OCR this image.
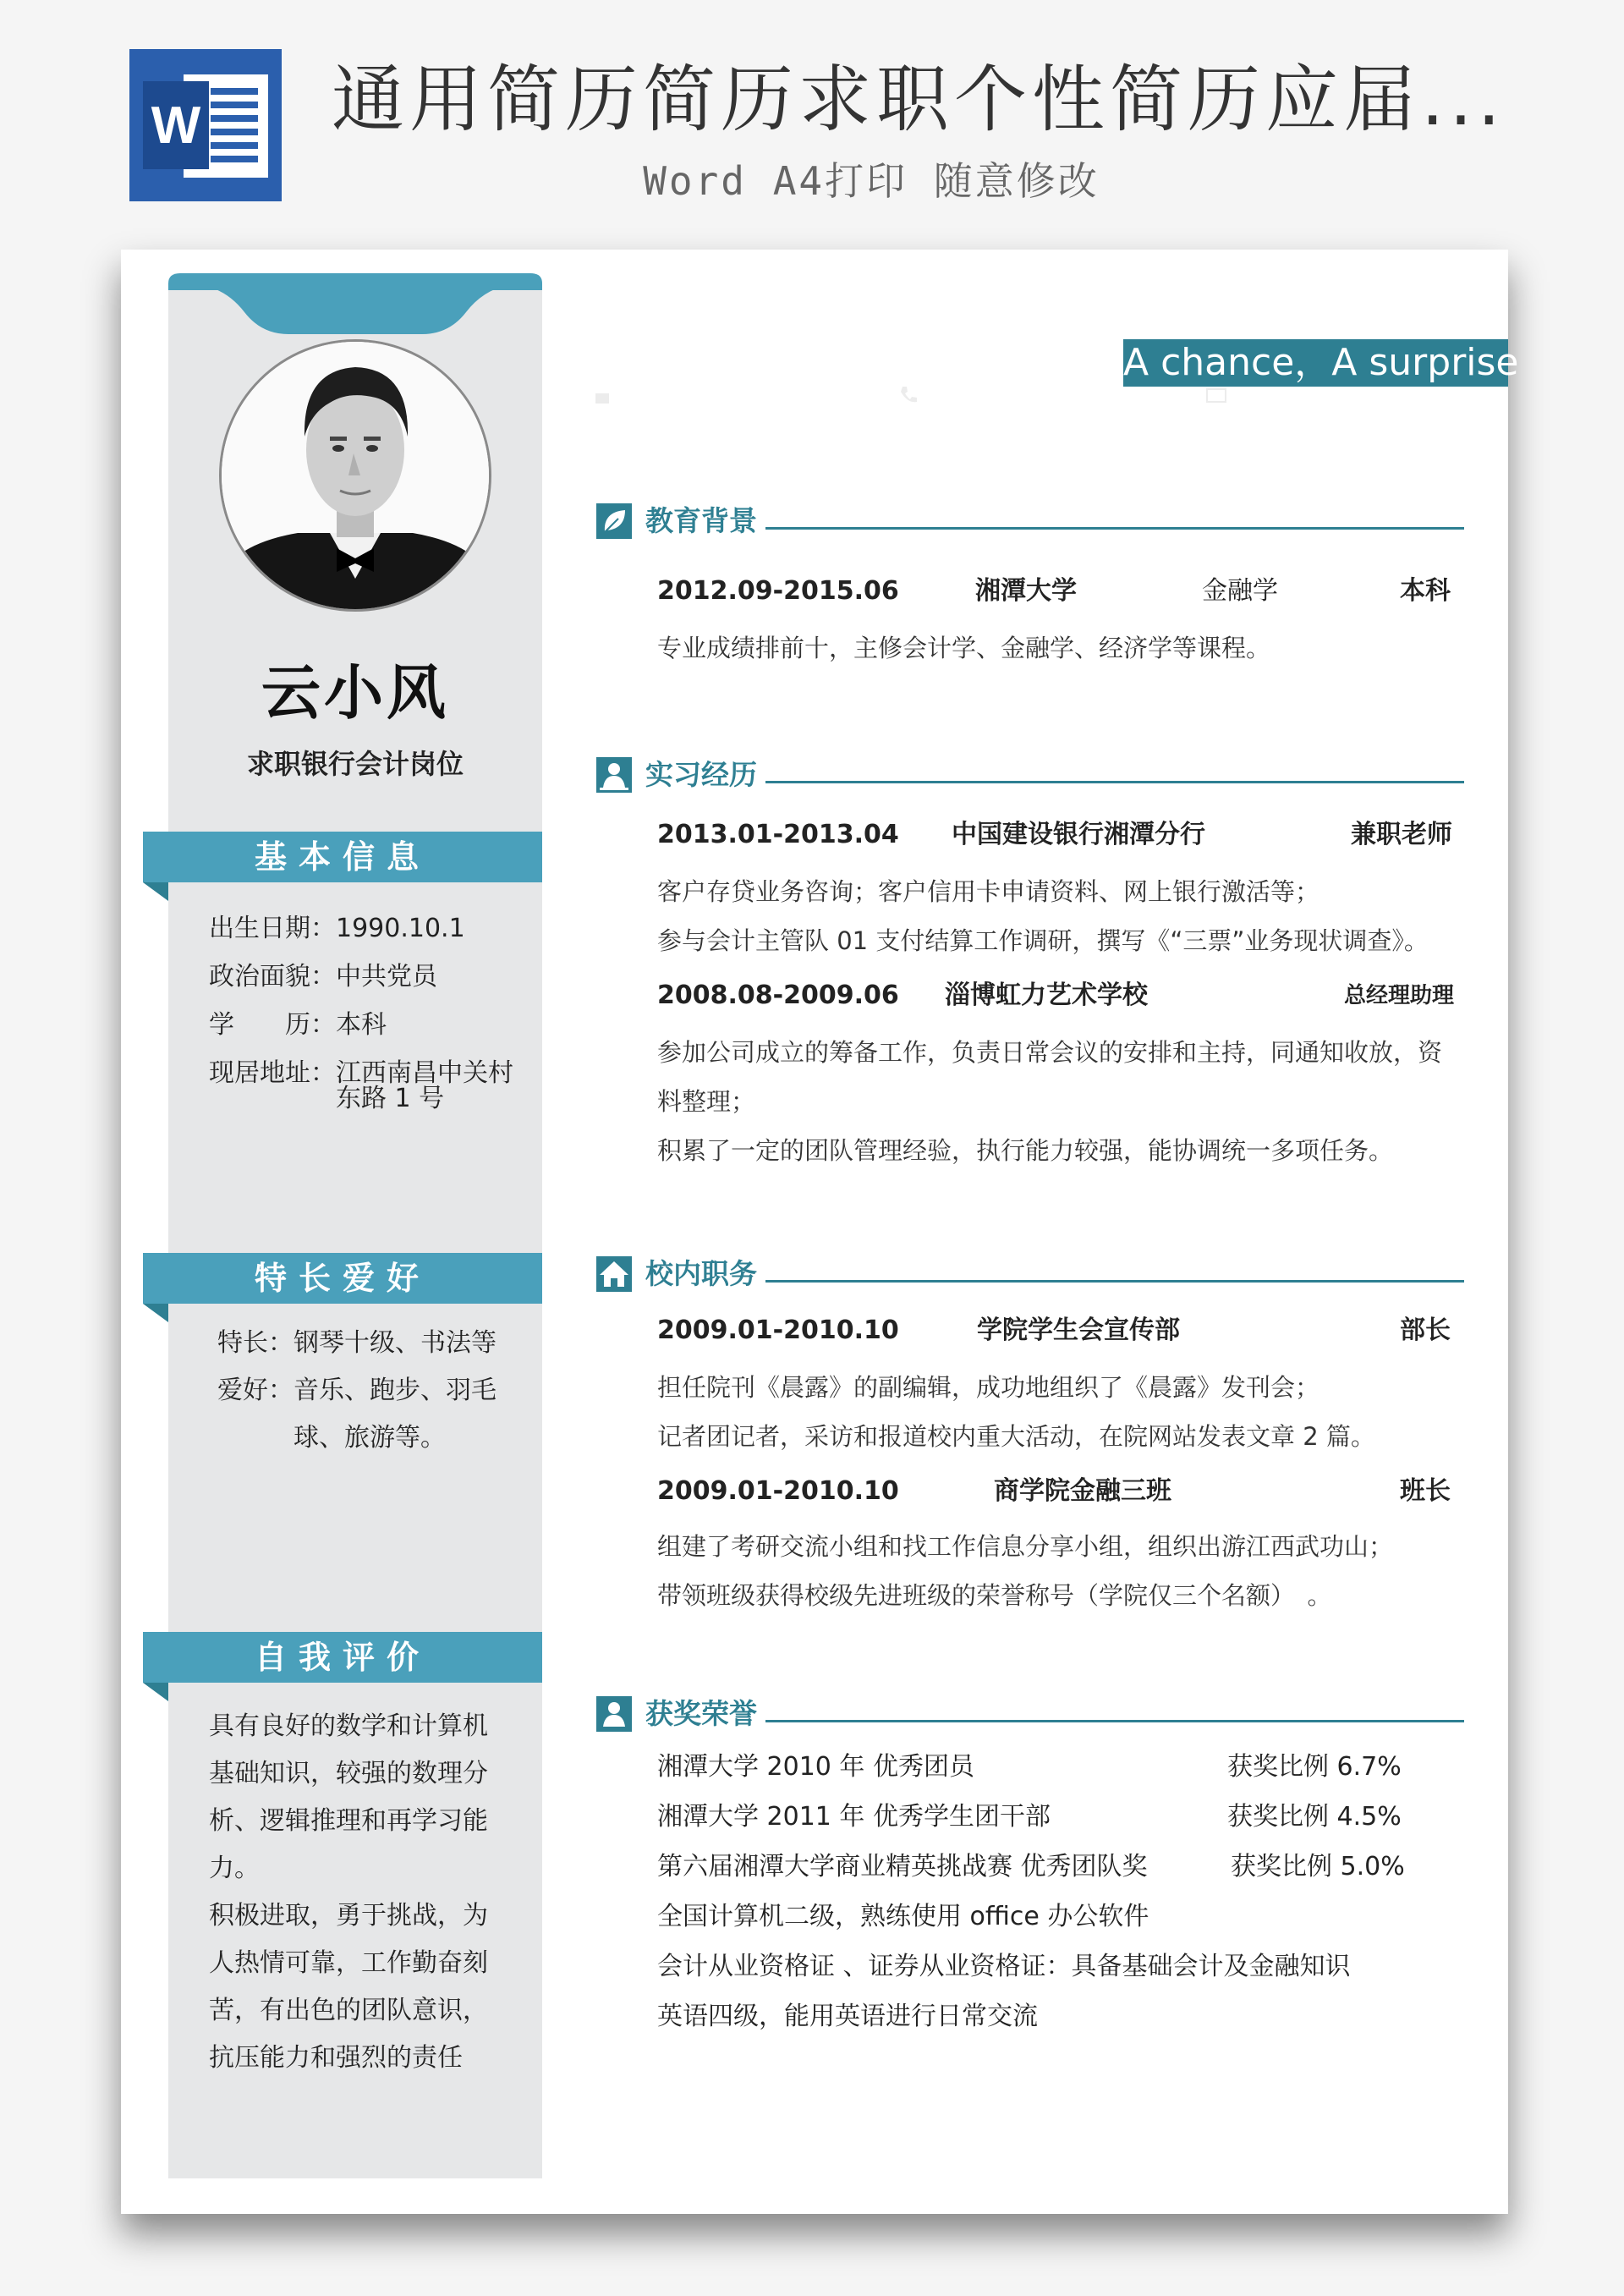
W 通用简历简历求职个性简历应届...
Word A4打印 随意修改
云小风
求职银行会计岗位
基本信息
出生日期：1990.10.1
政治面貌：中共党员
学　　历：本科
现居地址：江西南昌中关村
东路 1 号
特长爱好
特长：钢琴十级、书法等
爱好：音乐、跑步、羽毛
球、旅游等。
自我评价
具有良好的数学和计算机
基础知识，较强的数理分
析、逻辑推理和再学习能
力。
积极进取，勇于挑战，为
人热情可靠，工作勤奋刻
苦，有出色的团队意识，
抗压能力和强烈的责任
A chance，A surprise
教育背景
2012.09-2015.06	湘潭大学	金融学	本科
专业成绩排前十，主修会计学、金融学、经济学等课程。
实习经历
2013.01-2013.04 中国建设银行湘潭分行	兼职老师
客户存贷业务咨询；客户信用卡申请资料、网上银行激活等；
参与会计主管队 01 支付结算工作调研，撰写《“三票”业务现状调查》。
2008.08-2009.06 淄博虹力艺术学校	总经理助理
参加公司成立的筹备工作，负责日常会议的安排和主持，同通知收放，资
料整理；
积累了一定的团队管理经验，执行能力较强，能协调统一多项任务。
校内职务
2009.01-2010.10	学院学生会宣传部	部长
担任院刊《晨露》的副编辑，成功地组织了《晨露》发刊会；
记者团记者，采访和报道校内重大活动，在院网站发表文章 2 篇。
2009.01-2010.10	商学院金融三班	班长
组建了考研交流小组和找工作信息分享小组，组织出游江西武功山；
带领班级获得校级先进班级的荣誉称号（学院仅三个名额）　。
获奖荣誉
湘潭大学 2010 年 优秀团员	获奖比例 6.7%
湘潭大学 2011 年 优秀学生团干部	获奖比例 4.5%
第六届湘潭大学商业精英挑战赛 优秀团队奖	获奖比例 5.0%
全国计算机二级，熟练使用 office 办公软件
会计从业资格证 、证券从业资格证：具备基础会计及金融知识
英语四级，能用英语进行日常交流
